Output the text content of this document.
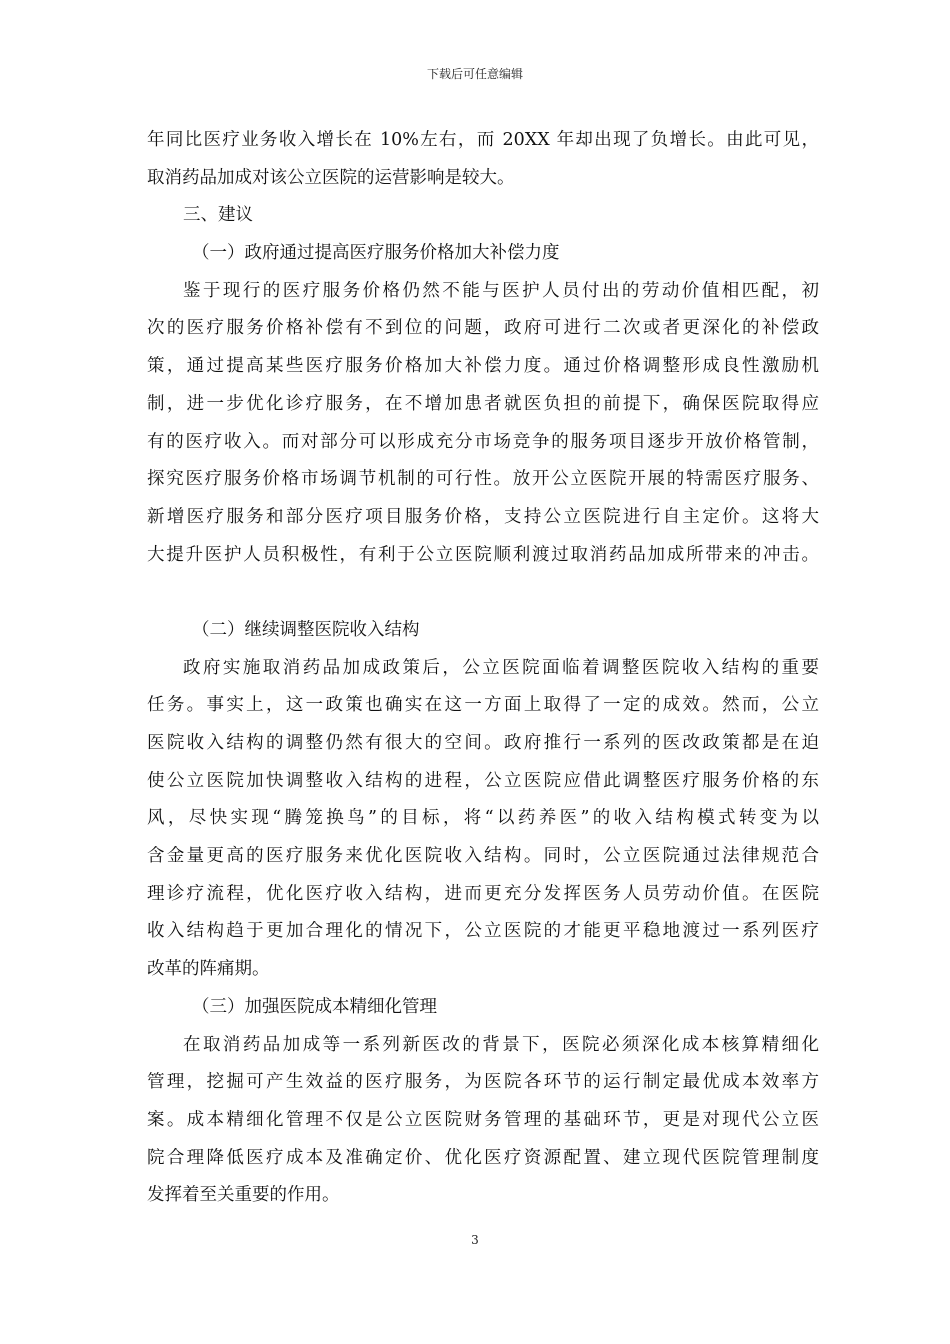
下载后可任意编辑
年同比医疗业务收入增长在 10%左右，而 20XX 年却出现了负增长。由此可见，
取消药品加成对该公立医院的运营影响是较大。
三、建议
（一）政府通过提高医疗服务价格加大补偿力度
鉴于现行的医疗服务价格仍然不能与医护人员付出的劳动价值相匹配，初
次的医疗服务价格补偿有不到位的问题，政府可进行二次或者更深化的补偿政
策，通过提高某些医疗服务价格加大补偿力度。通过价格调整形成良性激励机
制，进一步优化诊疗服务，在不增加患者就医负担的前提下，确保医院取得应
有的医疗收入。而对部分可以形成充分市场竞争的服务项目逐步开放价格管制，
探究医疗服务价格市场调节机制的可行性。放开公立医院开展的特需医疗服务、
新增医疗服务和部分医疗项目服务价格，支持公立医院进行自主定价。这将大
大提升医护人员积极性，有利于公立医院顺利渡过取消药品加成所带来的冲击。
（二）继续调整医院收入结构
政府实施取消药品加成政策后，公立医院面临着调整医院收入结构的重要
任务。事实上，这一政策也确实在这一方面上取得了一定的成效。然而，公立
医院收入结构的调整仍然有很大的空间。政府推行一系列的医改政策都是在迫
使公立医院加快调整收入结构的进程，公立医院应借此调整医疗服务价格的东
风，尽快实现“腾笼换鸟”的目标，将“以药养医”的收入结构模式转变为以
含金量更高的医疗服务来优化医院收入结构。同时，公立医院通过法律规范合
理诊疗流程，优化医疗收入结构，进而更充分发挥医务人员劳动价值。在医院
收入结构趋于更加合理化的情况下，公立医院的才能更平稳地渡过一系列医疗
改革的阵痛期。
（三）加强医院成本精细化管理
在取消药品加成等一系列新医改的背景下，医院必须深化成本核算精细化
管理，挖掘可产生效益的医疗服务，为医院各环节的运行制定最优成本效率方
案。成本精细化管理不仅是公立医院财务管理的基础环节，更是对现代公立医
院合理降低医疗成本及准确定价、优化医疗资源配置、建立现代医院管理制度
发挥着至关重要的作用。
3
